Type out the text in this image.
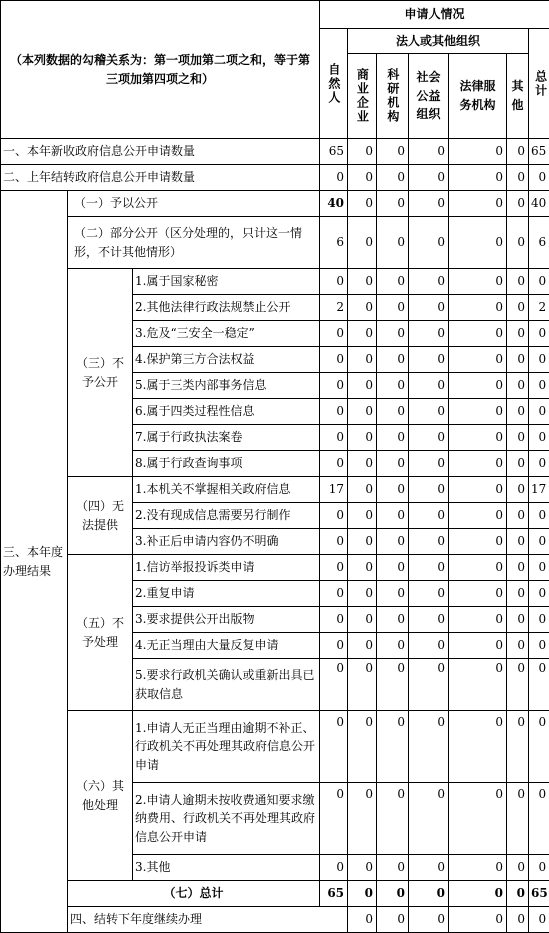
（本列数据的勾稽关系为：第一项加第二项之和，等于第三项加第四项之和）			申请人情况							

			自然人	法人或其他组织					总计	

				商业企业	科研机构	社会公益组织	法律服务机构	其他		
一、本年新收政府信息公开申请数量			65	0	0	0	0	0	65	
二、上年结转政府信息公开申请数量			0	0	0	0	0	0	0	
三、本年度办理结果	（一）予以公开		40	0	0	0	0	0	40	
	（二）部分公开（区分处理的，只计这一情形，不计其他情形）		6	0	0	0	0	0	6	
	（三）不予公开	1.属于国家秘密	0	0	0	0	0	0	0	
		2.其他法律行政法规禁止公开	2	0	0	0	0	0	2	
		3.危及“三安全一稳定”	0	0	0	0	0	0	0	
		4.保护第三方合法权益	0	0	0	0	0	0	0	
		5.属于三类内部事务信息	0	0	0	0	0	0	0	
		6.属于四类过程性信息	0	0	0	0	0	0	0	
		7.属于行政执法案卷	0	0	0	0	0	0	0	
		8.属于行政查询事项	0	0	0	0	0	0	0	
	（四）无法提供	1.本机关不掌握相关政府信息	17	0	0	0	0	0	17	
		2.没有现成信息需要另行制作	0	0	0	0	0	0	0	
		3.补正后申请内容仍不明确	0	0	0	0	0	0	0	
	（五）不予处理	1.信访举报投诉类申请	0	0	0	0	0	0	0	
		2.重复申请	0	0	0	0	0	0	0	
		3.要求提供公开出版物	0	0	0	0	0	0	0	
		4.无正当理由大量反复申请	0	0	0	0	0	0	0	
		5.要求行政机关确认或重新出具已获取信息	0	0	0	0	0	0	0	
	（六）其他处理	1.申请人无正当理由逾期不补正、行政机关不再处理其政府信息公开申请	0	0	0	0	0	0	0	
		2.申请人逾期未按收费通知要求缴纳费用、行政机关不再处理其政府信息公开申请	0	0	0	0	0	0	0	
		3.其他	0	0	0	0	0	0	0	
	（七）总计		65	0	0	0	0	0	65	
	四、结转下年度继续办理			0	0	0	0	0	0	
